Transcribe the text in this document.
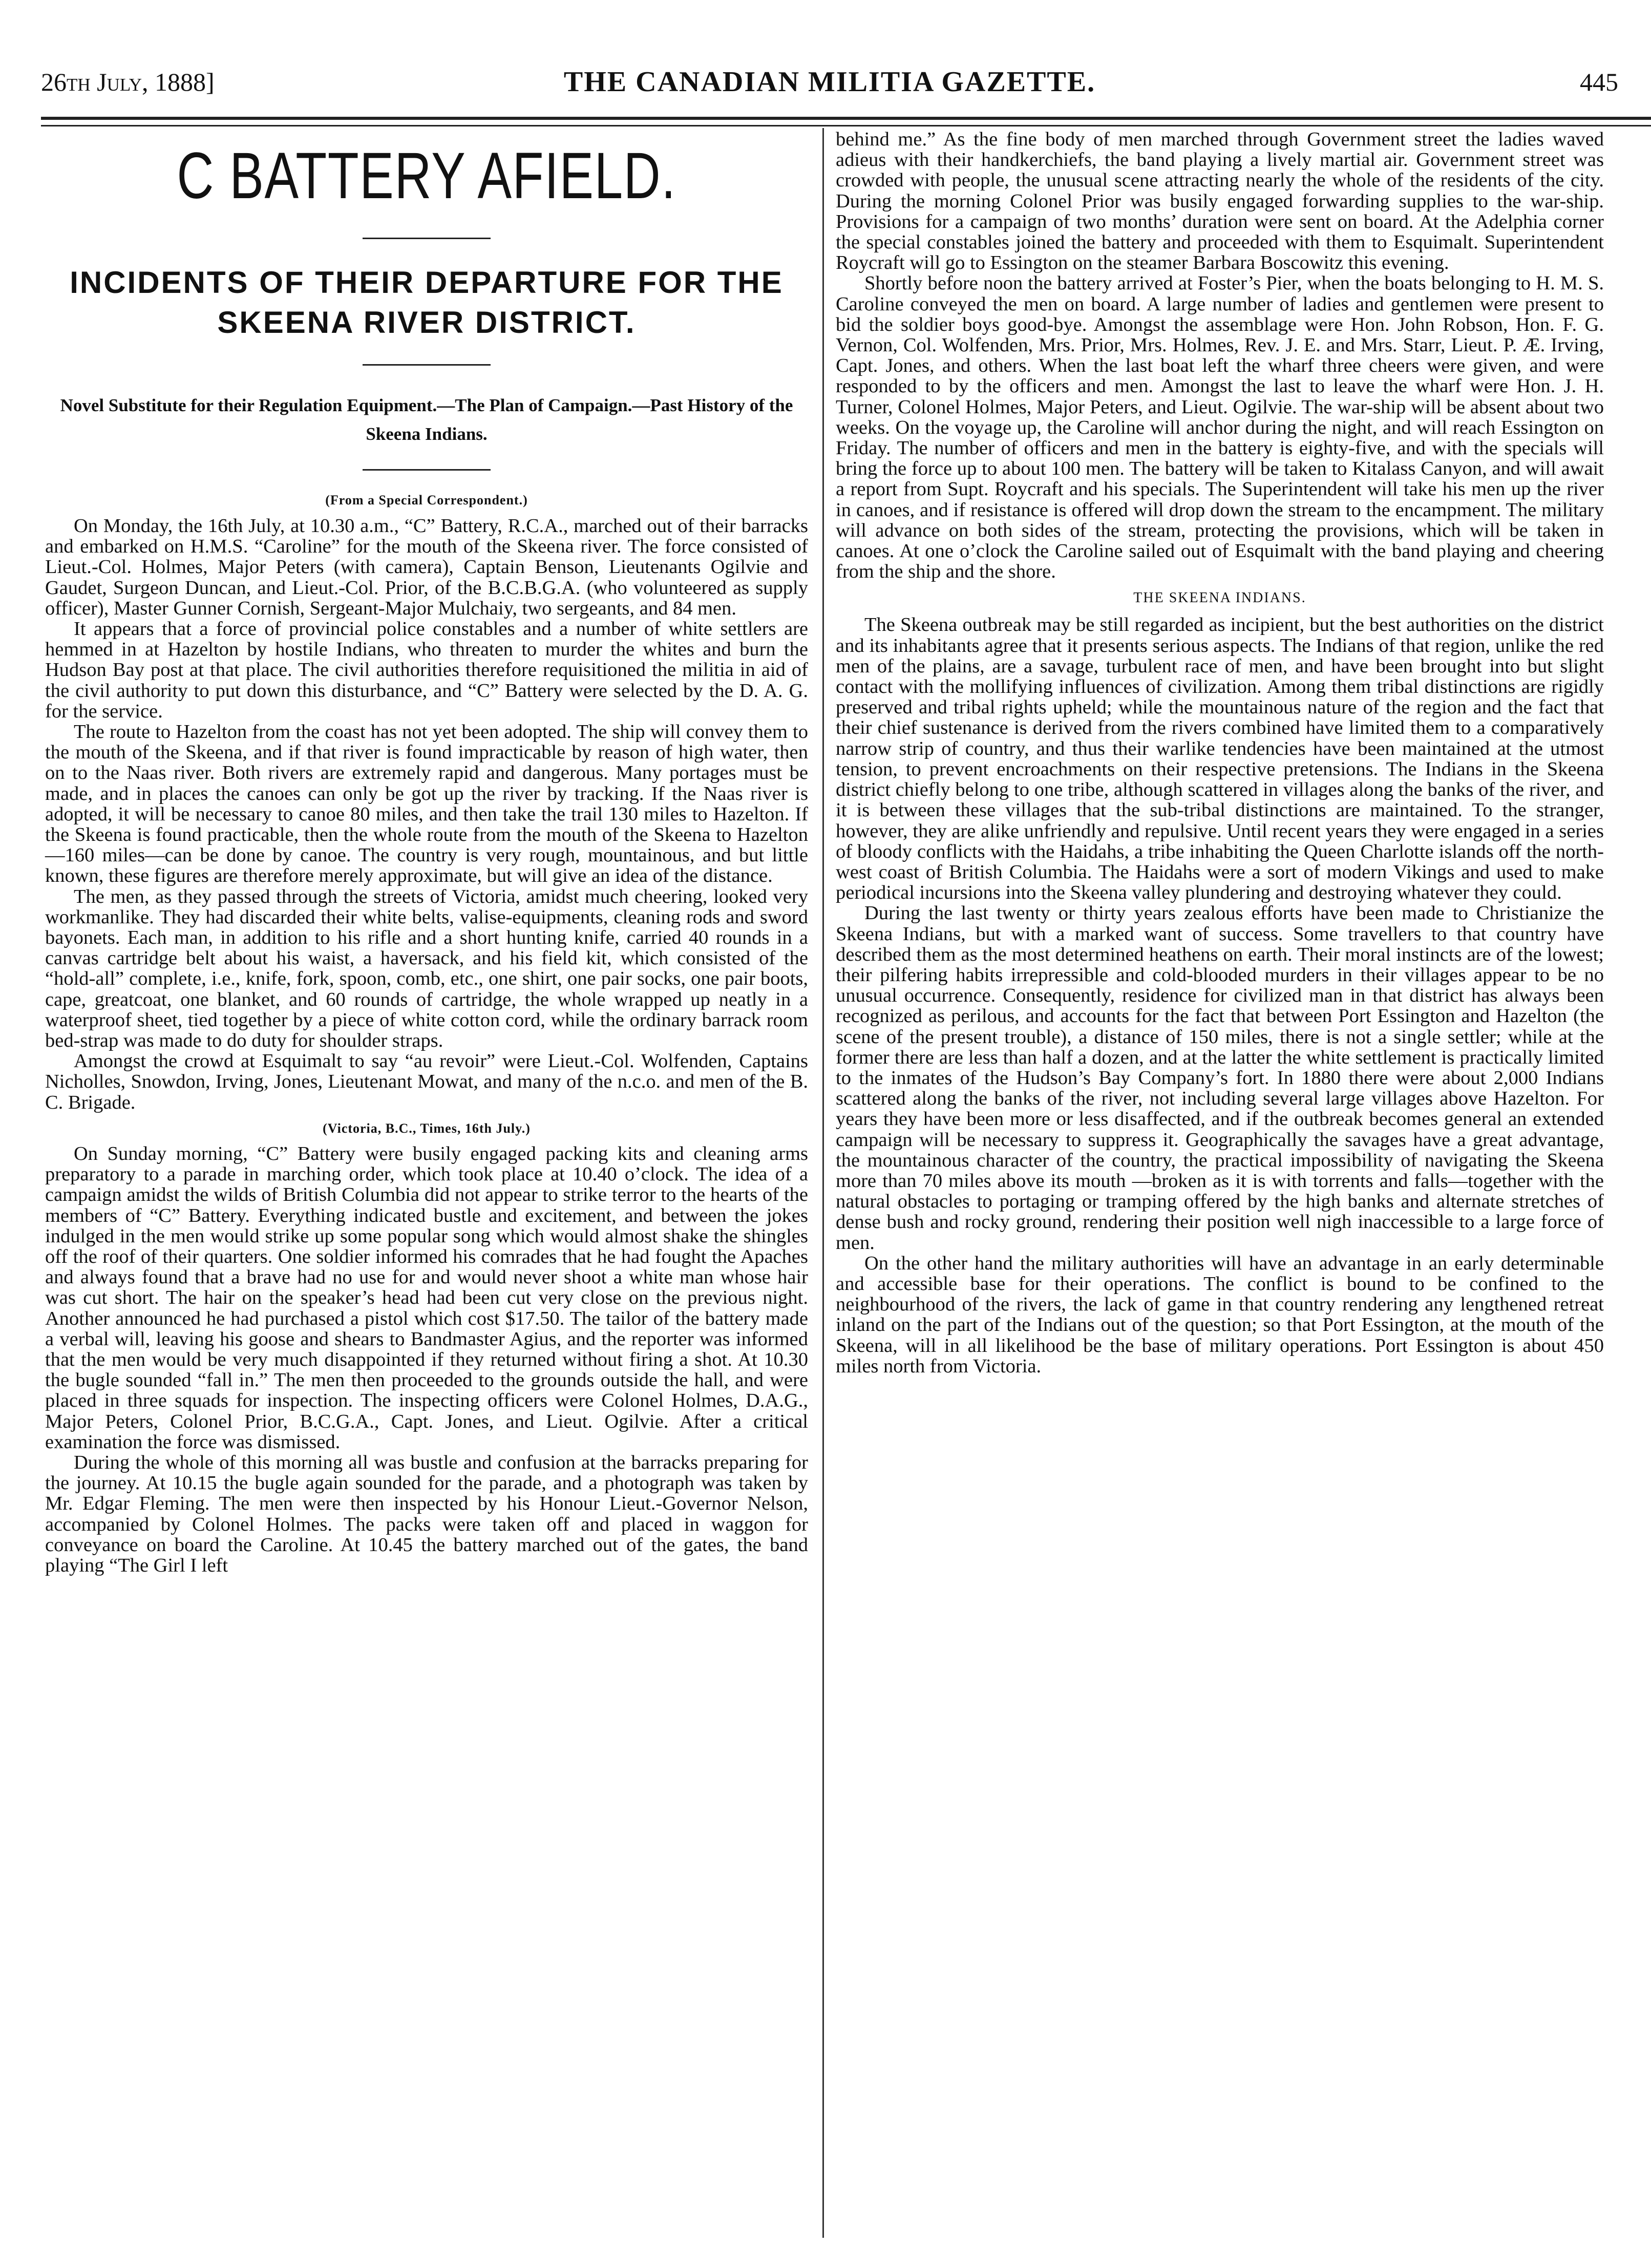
26th July, 1888]	THE CANADIAN MILITIA GAZETTE.	445
C BATTERY AFIELD.
INCIDENTS OF THEIR DEPARTURE FOR THE SKEENA RIVER DISTRICT.
Novel Substitute for their Regulation Equipment.—The Plan of Campaign.—Past History of the Skeena Indians.
(From a Special Correspondent.)

On Monday, the 16th July, at 10.30 a.m., “C” Battery, R.C.A., marched out of their barracks and embarked on H.M.S. “Caroline” for the mouth of the Skeena river. The force consisted of Lieut.-Col. Holmes, Major Peters (with camera), Captain Benson, Lieutenants Ogilvie and Gaudet, Surgeon Duncan, and Lieut.-Col. Prior, of the B.C.B.G.A. (who volunteered as supply officer), Master Gunner Cornish, Sergeant-Major Mulchaiy, two sergeants, and 84 men.

It appears that a force of provincial police constables and a number of white settlers are hemmed in at Hazelton by hostile Indians, who threaten to murder the whites and burn the Hudson Bay post at that place. The civil authorities therefore requisitioned the militia in aid of the civil authority to put down this disturbance, and “C” Battery were selected by the D. A. G. for the service.

The route to Hazelton from the coast has not yet been adopted. The ship will convey them to the mouth of the Skeena, and if that river is found impracticable by reason of high water, then on to the Naas river. Both rivers are extremely rapid and dangerous. Many portages must be made, and in places the canoes can only be got up the river by tracking. If the Naas river is adopted, it will be necessary to canoe 80 miles, and then take the trail 130 miles to Hazelton. If the Skeena is found practicable, then the whole route from the mouth of the Skeena to Hazelton—160 miles—can be done by canoe. The country is very rough, mountainous, and but little known, these figures are therefore merely approximate, but will give an idea of the distance.

The men, as they passed through the streets of Victoria, amidst much cheering, looked very workmanlike. They had discarded their white belts, valise-equipments, cleaning rods and sword bayonets. Each man, in addition to his rifle and a short hunting knife, carried 40 rounds in a canvas cartridge belt about his waist, a haversack, and his field kit, which consisted of the “hold-all” complete, i.e., knife, fork, spoon, comb, etc., one shirt, one pair socks, one pair boots, cape, greatcoat, one blanket, and 60 rounds of cartridge, the whole wrapped up neatly in a waterproof sheet, tied together by a piece of white cotton cord, while the ordinary barrack room bed-strap was made to do duty for shoulder straps.

Amongst the crowd at Esquimalt to say “au revoir” were Lieut.-Col. Wolfenden, Captains Nicholles, Snowdon, Irving, Jones, Lieutenant Mowat, and many of the n.c.o. and men of the B. C. Brigade.

(Victoria, B.C., Times, 16th July.)

On Sunday morning, “C” Battery were busily engaged packing kits and cleaning arms preparatory to a parade in marching order, which took place at 10.40 o’clock. The idea of a campaign amidst the wilds of British Columbia did not appear to strike terror to the hearts of the members of “C” Battery. Everything indicated bustle and excitement, and between the jokes indulged in the men would strike up some popular song which would almost shake the shingles off the roof of their quarters. One soldier informed his comrades that he had fought the Apaches and always found that a brave had no use for and would never shoot a white man whose hair was cut short. The hair on the speaker’s head had been cut very close on the previous night. Another announced he had purchased a pistol which cost $17.50. The tailor of the battery made a verbal will, leaving his goose and shears to Bandmaster Agius, and the reporter was informed that the men would be very much disappointed if they returned without firing a shot. At 10.30 the bugle sounded “fall in.” The men then proceeded to the grounds outside the hall, and were placed in three squads for inspection. The inspecting officers were Colonel Holmes, D.A.G., Major Peters, Colonel Prior, B.C.G.A., Capt. Jones, and Lieut. Ogilvie. After a critical examination the force was dismissed.

During the whole of this morning all was bustle and confusion at the barracks preparing for the journey. At 10.15 the bugle again sounded for the parade, and a photograph was taken by Mr. Edgar Fleming. The men were then inspected by his Honour Lieut.-Governor Nelson, accompanied by Colonel Holmes. The packs were taken off and placed in waggon for conveyance on board the Caroline. At 10.45 the battery marched out of the gates, the band playing “The Girl I left

behind me.” As the fine body of men marched through Government street the ladies waved adieus with their handkerchiefs, the band playing a lively martial air. Government street was crowded with people, the unusual scene attracting nearly the whole of the residents of the city. During the morning Colonel Prior was busily engaged forwarding supplies to the war-ship. Provisions for a campaign of two months’ duration were sent on board. At the Adelphia corner the special constables joined the battery and proceeded with them to Esquimalt. Superintendent Roycraft will go to Essington on the steamer Barbara Boscowitz this evening.

Shortly before noon the battery arrived at Foster’s Pier, when the boats belonging to H. M. S. Caroline conveyed the men on board. A large number of ladies and gentlemen were present to bid the soldier boys good-bye. Amongst the assemblage were Hon. John Robson, Hon. F. G. Vernon, Col. Wolfenden, Mrs. Prior, Mrs. Holmes, Rev. J. E. and Mrs. Starr, Lieut. P. Æ. Irving, Capt. Jones, and others. When the last boat left the wharf three cheers were given, and were responded to by the officers and men. Amongst the last to leave the wharf were Hon. J. H. Turner, Colonel Holmes, Major Peters, and Lieut. Ogilvie. The war-ship will be absent about two weeks. On the voyage up, the Caroline will anchor during the night, and will reach Essington on Friday. The number of officers and men in the battery is eighty-five, and with the specials will bring the force up to about 100 men. The battery will be taken to Kitalass Canyon, and will await a report from Supt. Roycraft and his specials. The Superintendent will take his men up the river in canoes, and if resistance is offered will drop down the stream to the encampment. The military will advance on both sides of the stream, protecting the provisions, which will be taken in canoes. At one o’clock the Caroline sailed out of Esquimalt with the band playing and cheering from the ship and the shore.

THE SKEENA INDIANS.

The Skeena outbreak may be still regarded as incipient, but the best authorities on the district and its inhabitants agree that it presents serious aspects. The Indians of that region, unlike the red men of the plains, are a savage, turbulent race of men, and have been brought into but slight contact with the mollifying influences of civilization. Among them tribal distinctions are rigidly preserved and tribal rights upheld; while the mountainous nature of the region and the fact that their chief sustenance is derived from the rivers combined have limited them to a comparatively narrow strip of country, and thus their warlike tendencies have been maintained at the utmost tension, to prevent encroachments on their respective pretensions. The Indians in the Skeena district chiefly belong to one tribe, although scattered in villages along the banks of the river, and it is between these villages that the sub-tribal distinctions are maintained. To the stranger, however, they are alike unfriendly and repulsive. Until recent years they were engaged in a series of bloody conflicts with the Haidahs, a tribe inhabiting the Queen Charlotte islands off the north-west coast of British Columbia. The Haidahs were a sort of modern Vikings and used to make periodical incursions into the Skeena valley plundering and destroying whatever they could.

During the last twenty or thirty years zealous efforts have been made to Christianize the Skeena Indians, but with a marked want of success. Some travellers to that country have described them as the most determined heathens on earth. Their moral instincts are of the lowest; their pilfering habits irrepressible and cold-blooded murders in their villages appear to be no unusual occurrence. Consequently, residence for civilized man in that district has always been recognized as perilous, and accounts for the fact that between Port Essington and Hazelton (the scene of the present trouble), a distance of 150 miles, there is not a single settler; while at the former there are less than half a dozen, and at the latter the white settlement is practically limited to the inmates of the Hudson’s Bay Company’s fort. In 1880 there were about 2,000 Indians scattered along the banks of the river, not including several large villages above Hazelton. For years they have been more or less disaffected, and if the outbreak becomes general an extended campaign will be necessary to suppress it. Geographically the savages have a great advantage, the mountainous character of the country, the practical impossibility of navigating the Skeena more than 70 miles above its mouth —broken as it is with torrents and falls—together with the natural obstacles to portaging or tramping offered by the high banks and alternate stretches of dense bush and rocky ground, rendering their position well nigh inaccessible to a large force of men.

On the other hand the military authorities will have an advantage in an early determinable and accessible base for their operations. The conflict is bound to be confined to the neighbourhood of the rivers, the lack of game in that country rendering any lengthened retreat inland on the part of the Indians out of the question; so that Port Essington, at the mouth of the Skeena, will in all likelihood be the base of military operations. Port Essington is about 450 miles north from Victoria.
